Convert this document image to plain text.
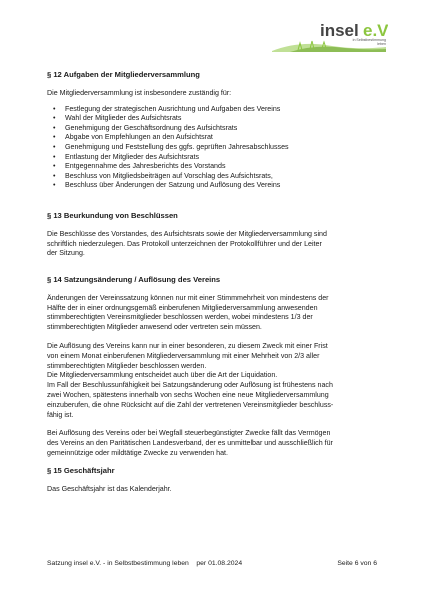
insel e.V
in Selbstbestimmung
leben
§ 12 Aufgaben der Mitgliederversammlung

Die Mitgliederversammlung ist insbesondere zuständig für:

• Festlegung der strategischen Ausrichtung und Aufgaben des Vereins
• Wahl der Mitglieder des Aufsichtsrats
• Genehmigung der Geschäftsordnung des Aufsichtsrats
• Abgabe von Empfehlungen an den Aufsichtsrat
• Genehmigung und Feststellung des ggfs. geprüften Jahresabschlusses
• Entlastung der Mitglieder des Aufsichtsrats
• Entgegennahme des Jahresberichts des Vorstands
• Beschluss von Mitgliedsbeiträgen auf Vorschlag des Aufsichtsrats,
• Beschluss über Änderungen der Satzung und Auflösung des Vereins
§ 13 Beurkundung von Beschlüssen

Die Beschlüsse des Vorstandes, des Aufsichtsrats sowie der Mitgliederversammlung sind
schriftlich niederzulegen. Das Protokoll unterzeichnen der Protokollführer und der Leiter
der Sitzung.

§ 14 Satzungsänderung / Auflösung des Vereins

Änderungen der Vereinssatzung können nur mit einer Stimmmehrheit von mindestens der
Hälfte der in einer ordnungsgemäß einberufenen Mitgliederversammlung anwesenden
stimmberechtigten Vereinsmitglieder beschlossen werden, wobei mindestens 1/3 der
stimmberechtigten Mitglieder anwesend oder vertreten sein müssen.

Die Auflösung des Vereins kann nur in einer besonderen, zu diesem Zweck mit einer Frist
von einem Monat einberufenen Mitgliederversammlung mit einer Mehrheit von 2/3 aller
stimmberechtigten Mitglieder beschlossen werden.
Die Mitgliederversammlung entscheidet auch über die Art der Liquidation.
Im Fall der Beschlussunfähigkeit bei Satzungsänderung oder Auflösung ist frühestens nach
zwei Wochen, spätestens innerhalb von sechs Wochen eine neue Mitgliederversammlung
einzuberufen, die ohne Rücksicht auf die Zahl der vertretenen Vereinsmitglieder beschluss-
fähig ist.

Bei Auflösung des Vereins oder bei Wegfall steuerbegünstigter Zwecke fällt das Vermögen
des Vereins an den Paritätischen Landesverband, der es unmittelbar und ausschließlich für
gemeinnützige oder mildtätige Zwecke zu verwenden hat.

§ 15 Geschäftsjahr

Das Geschäftsjahr ist das Kalenderjahr.

Satzung insel e.V. - in Selbstbestimmung leben    per 01.08.2024	Seite 6 von 6
